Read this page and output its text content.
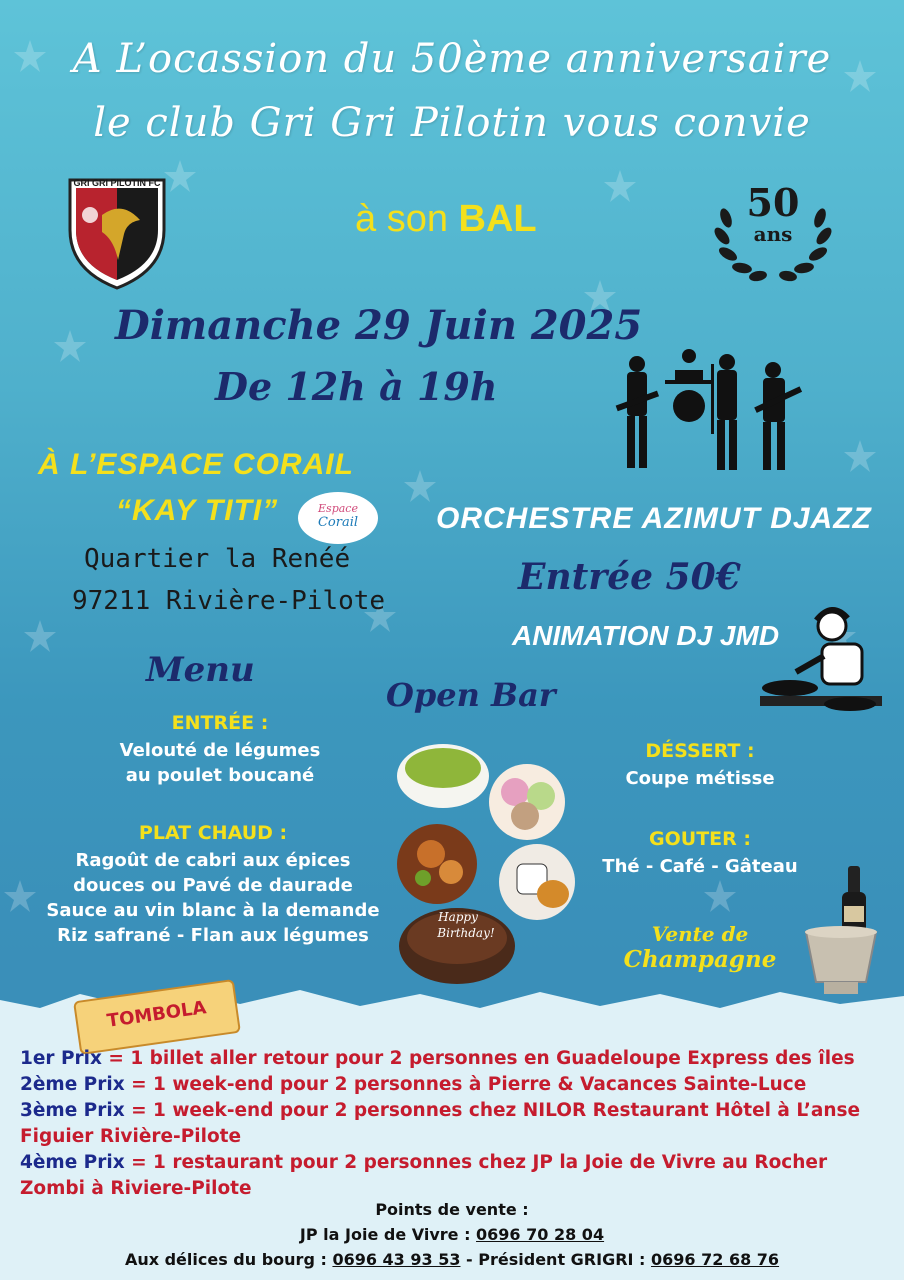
A L’ocassion du 50ème anniversaire
le club Gri Gri Pilotin vous convie
GRI GRI PILOTIN FC
à son BAL	50
ans
Dimanche 29 Juin 2025
De 12h à 19h
À L’ESPACE CORAIL
“KAY TITI”	Espace
Corail
Quartier la Renéé
97211 Rivière-Pilote
ORCHESTRE AZIMUT DJAZZ
Entrée 50€
ANIMATION DJ JMD
Menu
Open Bar
ENTRÉE :
Velouté de légumes
au poulet boucané
PLAT CHAUD :
Ragoût de cabri aux épices
douces ou Pavé de daurade
Sauce au vin blanc à la demande
Riz safrané - Flan aux légumes
Happy
Birthday!
DÉSSERT :
Coupe métisse
GOUTER :
Thé - Café - Gâteau
Vente de
Champagne
TOMBOLA
1er Prix = 1 billet aller retour pour 2 personnes en Guadeloupe Express des îles
2ème Prix = 1 week-end pour 2 personnes à Pierre & Vacances Sainte-Luce
3ème Prix = 1 week-end pour 2 personnes chez NILOR Restaurant Hôtel à L’anse
Figuier Rivière-Pilote
4ème Prix = 1 restaurant pour 2 personnes chez JP la Joie de Vivre au Rocher
Zombi à Riviere-Pilote
Points de vente :
JP la Joie de Vivre : 0696 70 28 04
Aux délices du bourg : 0696 43 93 53 - Président GRIGRI : 0696 72 68 76
